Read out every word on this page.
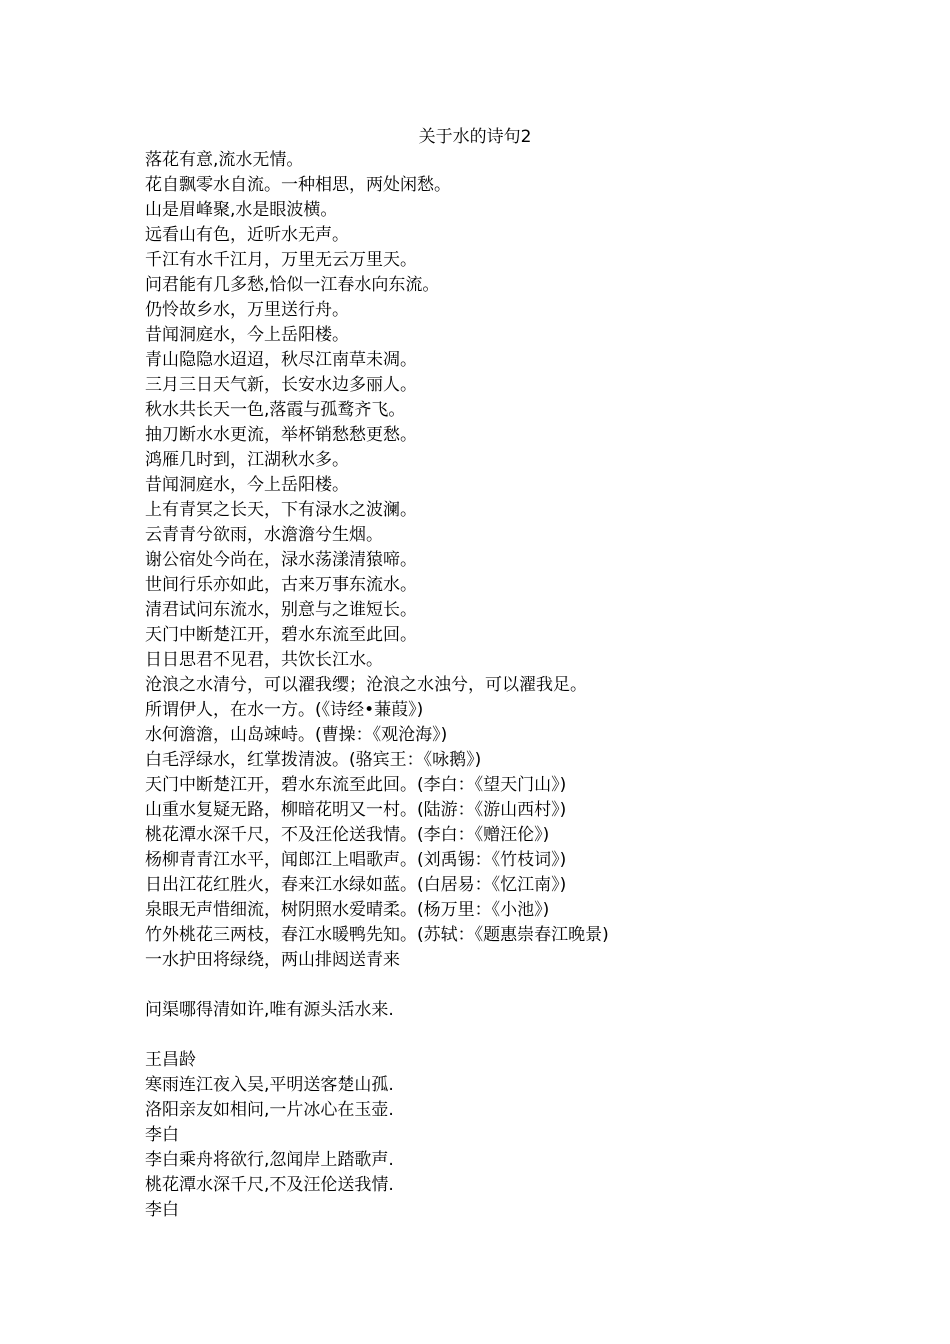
关于水的诗句2
落花有意,流水无情。
花自飘零水自流。一种相思，两处闲愁。
山是眉峰聚,水是眼波横。
远看山有色，近听水无声。
千江有水千江月，万里无云万里天。
问君能有几多愁,恰似一江春水向东流。
仍怜故乡水，万里送行舟。
昔闻洞庭水，今上岳阳楼。
青山隐隐水迢迢，秋尽江南草未凋。
三月三日天气新，长安水边多丽人。
秋水共长天一色,落霞与孤鹜齐飞。
抽刀断水水更流，举杯销愁愁更愁。
鸿雁几时到，江湖秋水多。
昔闻洞庭水，今上岳阳楼。
上有青冥之长天，下有渌水之波澜。
云青青兮欲雨，水澹澹兮生烟。
谢公宿处今尚在，渌水荡漾清猿啼。
世间行乐亦如此，古来万事东流水。
清君试问东流水，别意与之谁短长。
天门中断楚江开，碧水东流至此回。
日日思君不见君，共饮长江水。
沧浪之水清兮，可以濯我缨；沧浪之水浊兮，可以濯我足。
所谓伊人，在水一方。(《诗经•蒹葭》)
水何澹澹，山岛竦峙。(曹操：《观沧海》)
白毛浮绿水，红掌拨清波。(骆宾王：《咏鹅》)
天门中断楚江开，碧水东流至此回。(李白：《望天门山》)
山重水复疑无路，柳暗花明又一村。(陆游：《游山西村》)
桃花潭水深千尺，不及汪伦送我情。(李白：《赠汪伦》)
杨柳青青江水平，闻郎江上唱歌声。(刘禹锡：《竹枝词》)
日出江花红胜火，春来江水绿如蓝。(白居易：《忆江南》)
泉眼无声惜细流，树阴照水爱晴柔。(杨万里：《小池》)
竹外桃花三两枝，春江水暖鸭先知。(苏轼：《题惠崇春江晚景)
一水护田将绿绕，两山排闼送青来
问渠哪得清如许,唯有源头活水来.
王昌龄
寒雨连江夜入吴,平明送客楚山孤.
洛阳亲友如相问,一片冰心在玉壶.
李白
李白乘舟将欲行,忽闻岸上踏歌声.
桃花潭水深千尺,不及汪伦送我情.
李白
